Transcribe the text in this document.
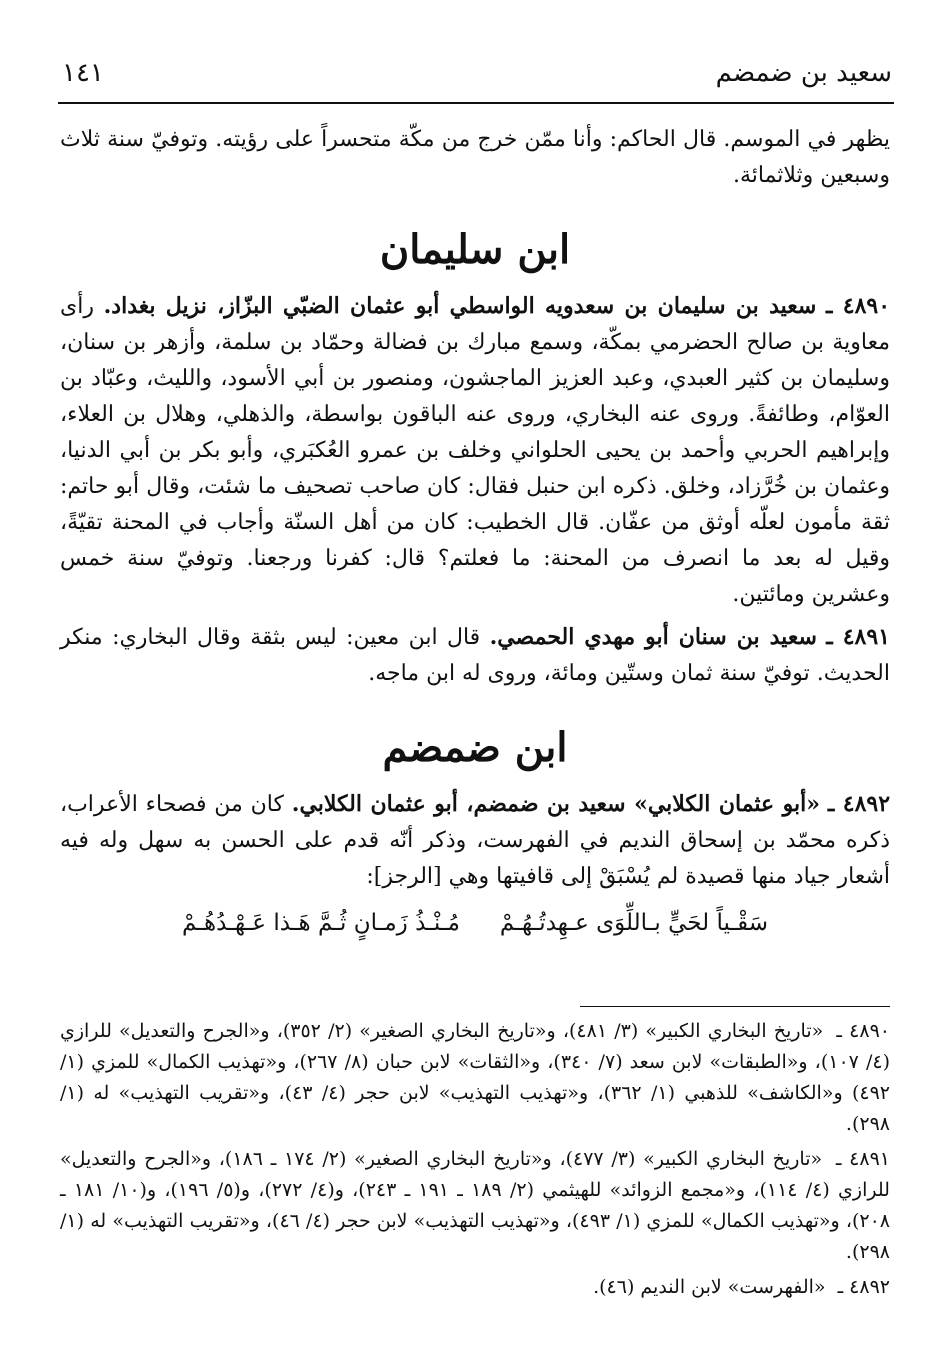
سعيد بن ضمضم
١٤١

يظهر في الموسم. قال الحاكم: وأنا ممّن خرج من مكّة متحسراً على رؤيته. وتوفيّ سنة ثلاث وسبعين وثلاثمائة.

ابن سليمان

٤٨٩٠ ـ سعيد بن سليمان بن سعدويه الواسطي أبو عثمان الضبّي البزّاز، نزيل بغداد. رأى معاوية بن صالح الحضرمي بمكّة، وسمع مبارك بن فضالة وحمّاد بن سلمة، وأزهر بن سنان، وسليمان بن كثير العبدي، وعبد العزيز الماجشون، ومنصور بن أبي الأسود، والليث، وعبّاد بن العوّام، وطائفةً. وروى عنه البخاري، وروى عنه الباقون بواسطة، والذهلي، وهلال بن العلاء، وإبراهيم الحربي وأحمد بن يحيى الحلواني وخلف بن عمرو العُكبَري، وأبو بكر بن أبي الدنيا، وعثمان بن خُرَّزاد، وخلق. ذكره ابن حنبل فقال: كان صاحب تصحيف ما شئت، وقال أبو حاتم: ثقة مأمون لعلّه أوثق من عفّان. قال الخطيب: كان من أهل السنّة وأجاب في المحنة تقيّةً، وقيل له بعد ما انصرف من المحنة: ما فعلتم؟ قال: كفرنا ورجعنا. وتوفيّ سنة خمس وعشرين ومائتين.

٤٨٩١ ـ سعيد بن سنان أبو مهدي الحمصي. قال ابن معين: ليس بثقة وقال البخاري: منكر الحديث. توفيّ سنة ثمان وستّين ومائة، وروى له ابن ماجه.

ابن ضمضم

٤٨٩٢ ـ «أبو عثمان الكلابي» سعيد بن ضمضم، أبو عثمان الكلابي. كان من فصحاء الأعراب، ذكره محمّد بن إسحاق النديم في الفهرست، وذكر أنّه قدم على الحسن به سهل وله فيه أشعار جياد منها قصيدة لم يُسْبَقْ إلى قافيتها وهي [الرجز]:

سَقْـياً لحَيٍّ بـاللِّوَى عـهِدتُـهُـمْ
مُـنْـذُ زَمـانٍ ثُـمَّ هَـذا عَـهْـدُهُـمْ

٤٨٩٠ ـ «تاريخ البخاري الكبير» (٣/ ٤٨١)، و«تاريخ البخاري الصغير» (٢/ ٣٥٢)، و«الجرح والتعديل» للرازي (٤/ ١٠٧)، و«الطبقات» لابن سعد (٧/ ٣٤٠)، و«الثقات» لابن حبان (٨/ ٢٦٧)، و«تهذيب الكمال» للمزي (١/ ٤٩٢) و«الكاشف» للذهبي (١/ ٣٦٢)، و«تهذيب التهذيب» لابن حجر (٤/ ٤٣)، و«تقريب التهذيب» له (١/ ٢٩٨).

٤٨٩١ ـ «تاريخ البخاري الكبير» (٣/ ٤٧٧)، و«تاريخ البخاري الصغير» (٢/ ١٧٤ ـ ١٨٦)، و«الجرح والتعديل» للرازي (٤/ ١١٤)، و«مجمع الزوائد» للهيثمي (٢/ ١٨٩ ـ ١٩١ ـ ٢٤٣)، و(٤/ ٢٧٢)، و(٥/ ١٩٦)، و(١٠/ ١٨١ ـ ٢٠٨)، و«تهذيب الكمال» للمزي (١/ ٤٩٣)، و«تهذيب التهذيب» لابن حجر (٤/ ٤٦)، و«تقريب التهذيب» له (١/ ٢٩٨).

٤٨٩٢ ـ «الفهرست» لابن النديم (٤٦).
